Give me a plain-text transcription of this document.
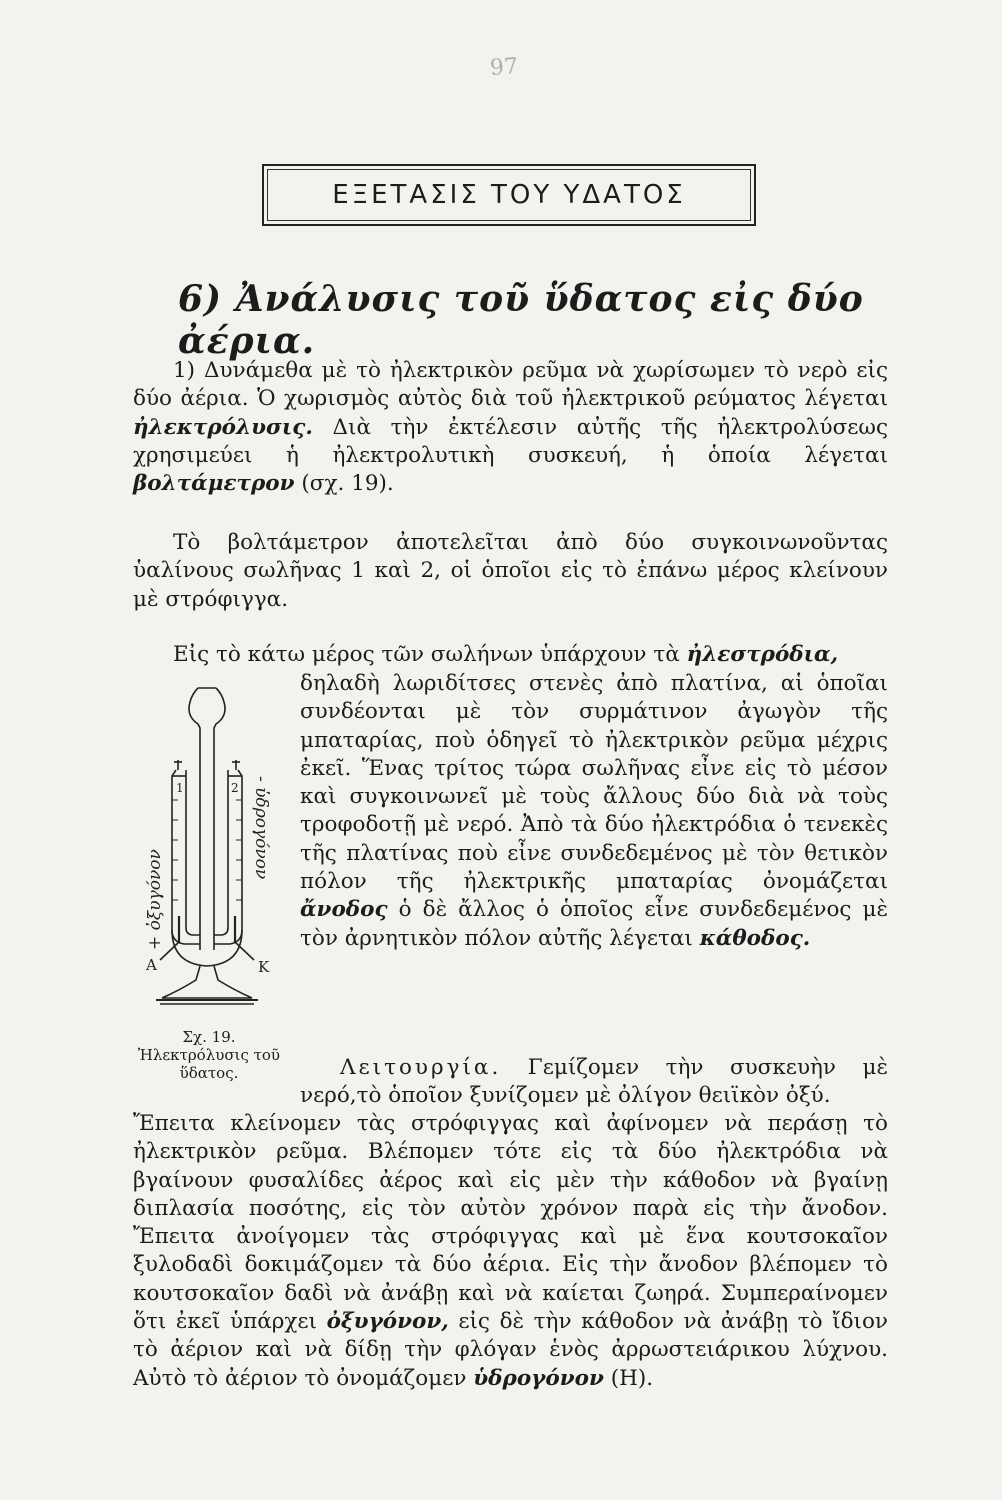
97
ΕΞΕΤΑΣΙΣ ΤΟΥ ΥΔΑΤΟΣ
6) Ἀνάλυσις τοῦ ὕδατος εἰς δύο ἀέρια.

1) Δυνάμεθα μὲ τὸ ἠλεκτρικὸν ρεῦμα νὰ χωρίσωμεν τὸ νερὸ εἰς δύο ἀέρια. Ὁ χωρισμὸς αὐτὸς διὰ τοῦ ἠλεκτρικοῦ ρεύματος λέγεται ἠλεκτρόλυσις. Διὰ τὴν ἐκτέλεσιν αὐτῆς τῆς ἠλεκτρολύσεως χρησιμεύει ἡ ἠλεκτρολυτικὴ συσκευή, ἡ ὁποία λέγεται βολτάμετρον (σχ. 19).

Τὸ βολτάμετρον ἀποτελεῖται ἀπὸ δύο συγκοινωνοῦντας ὑαλίνους σωλῆνας 1 καὶ 2, οἱ ὁποῖοι εἰς τὸ ἐπάνω μέρος κλείνουν μὲ στρόφιγγα.

Εἰς τὸ κάτω μέρος τῶν σωλήνων ὑπάρχουν τὰ ἠλεστρόδια,

δηλαδὴ λωριδίτσες στενὲς ἀπὸ πλατίνα, αἱ ὁποῖαι συνδέονται μὲ τὸν συρμάτινον ἀγωγὸν τῆς μπαταρίας, ποὺ ὁδηγεῖ τὸ ἠλεκτρικὸν ρεῦμα μέχρις ἐκεῖ. Ἕνας τρίτος τώρα σωλῆνας εἶνε εἰς τὸ μέσον καὶ συγκοινωνεῖ μὲ τοὺς ἄλλους δύο διὰ νὰ τοὺς τροφοδοτῇ μὲ νερό. Ἀπὸ τὰ δύο ἠλεκτρόδια ὁ τενεκὲς τῆς πλατίνας ποὺ εἶνε συνδεδεμένος μὲ τὸν θετικὸν πόλον τῆς ἠλεκτρικῆς μπαταρίας ὀνομάζεται ἄνοδος ὁ δὲ ἄλλος ὁ ὁποῖος εἶνε συνδεδεμένος μὲ τὸν ἀρνητικὸν πόλον αὐτῆς λέγεται κάθοδος.

Λειτουργία. Γεμίζομεν τὴν συσκευὴν μὲ νερό,τὸ ὁποῖον ξυνίζομεν μὲ ὀλίγον θειϊκὸν ὀξύ.

Ἔπειτα κλείνομεν τὰς στρόφιγγας καὶ ἀφίνομεν νὰ περάσῃ τὸ ἠλεκτρικὸν ρεῦμα. Βλέπομεν τότε εἰς τὰ δύο ἠλεκτρόδια νὰ βγαίνουν φυσαλίδες ἀέρος καὶ εἰς μὲν τὴν κάθοδον νὰ βγαίνῃ διπλασία ποσότης, εἰς τὸν αὐτὸν χρόνον παρὰ εἰς τὴν ἄνοδον. Ἔπειτα ἀνοίγομεν τὰς στρόφιγγας καὶ μὲ ἕνα κουτσοκαῖον ξυλοδαδὶ δοκιμάζομεν τὰ δύο ἀέρια. Εἰς τὴν ἄνοδον βλέπομεν τὸ κουτσοκαῖον δαδὶ νὰ ἀνάβῃ καὶ νὰ καίεται ζωηρά. Συμπεραίνομεν ὅτι ἐκεῖ ὑπάρχει ὀξυγόνον, εἰς δὲ τὴν κάθοδον νὰ ἀνάβῃ τὸ ἴδιον τὸ ἀέριον καὶ νὰ δίδῃ τὴν φλόγαν ἑνὸς ἀρρωστειάρικου λύχνου. Αὐτὸ τὸ ἀέριον τὸ ὀνομάζομεν ὑδρογόνον (Η).

+ ὀξυγόνον
- ὑδρογόνον
A	K
1	2
Σχ. 19. Ἠλεκτρόλυσις τοῦ ὕδατος.
